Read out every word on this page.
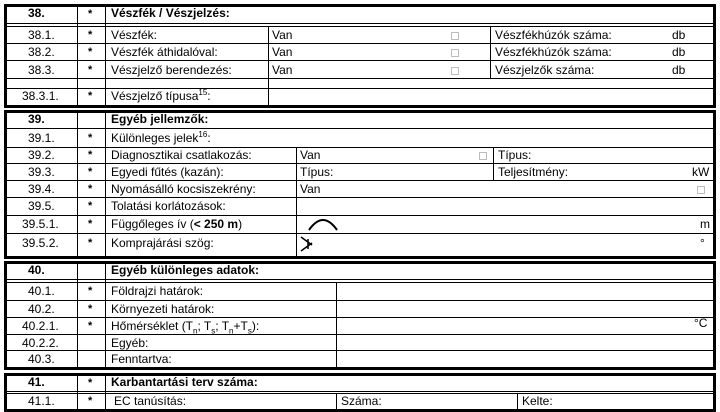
38.	* Vészfék / Vészjelzés:
38.1.	* Vészfék:	Van	Vészfékhúzók száma:	db
38.2.	* Vészfék áthidalóval:	Van	Vészfékhúzók száma:	db
38.3.	* Vészjelző berendezés:	Van	Vészjelzők száma:	db
38.3.1.	* Vészjelző típusa$^{15}$:
39.	Egyéb jellemzők:
39.1.	* Különleges jelek$^{16}$:
39.2.	* Diagnosztikai csatlakozás:	Van	Típus:
39.3.	* Egyedi fűtés (kazán):	Típus:	Teljesítmény:	kW
39.4.	* Nyomásálló kocsiszekrény:	Van
39.5.	* Tolatási korlátozások:
39.5.1.	* Függőleges ív (< 250 m)	m
39.5.2.	* Komprajárási szög:	°
40.	Egyéb különleges adatok:
40.1.	* Földrajzi határok:
40.2.	* Környezeti határok:
40.2.1.	* Hőmérséklet ($T_n$; $T_s$; $T_n+T_s$):	°C
40.2.2.	Egyéb:
40.3.	Fenntartva:
41.	* Karbantartási terv száma:
41.1.	* EC tanúsítás:	Száma:	Kelte:
